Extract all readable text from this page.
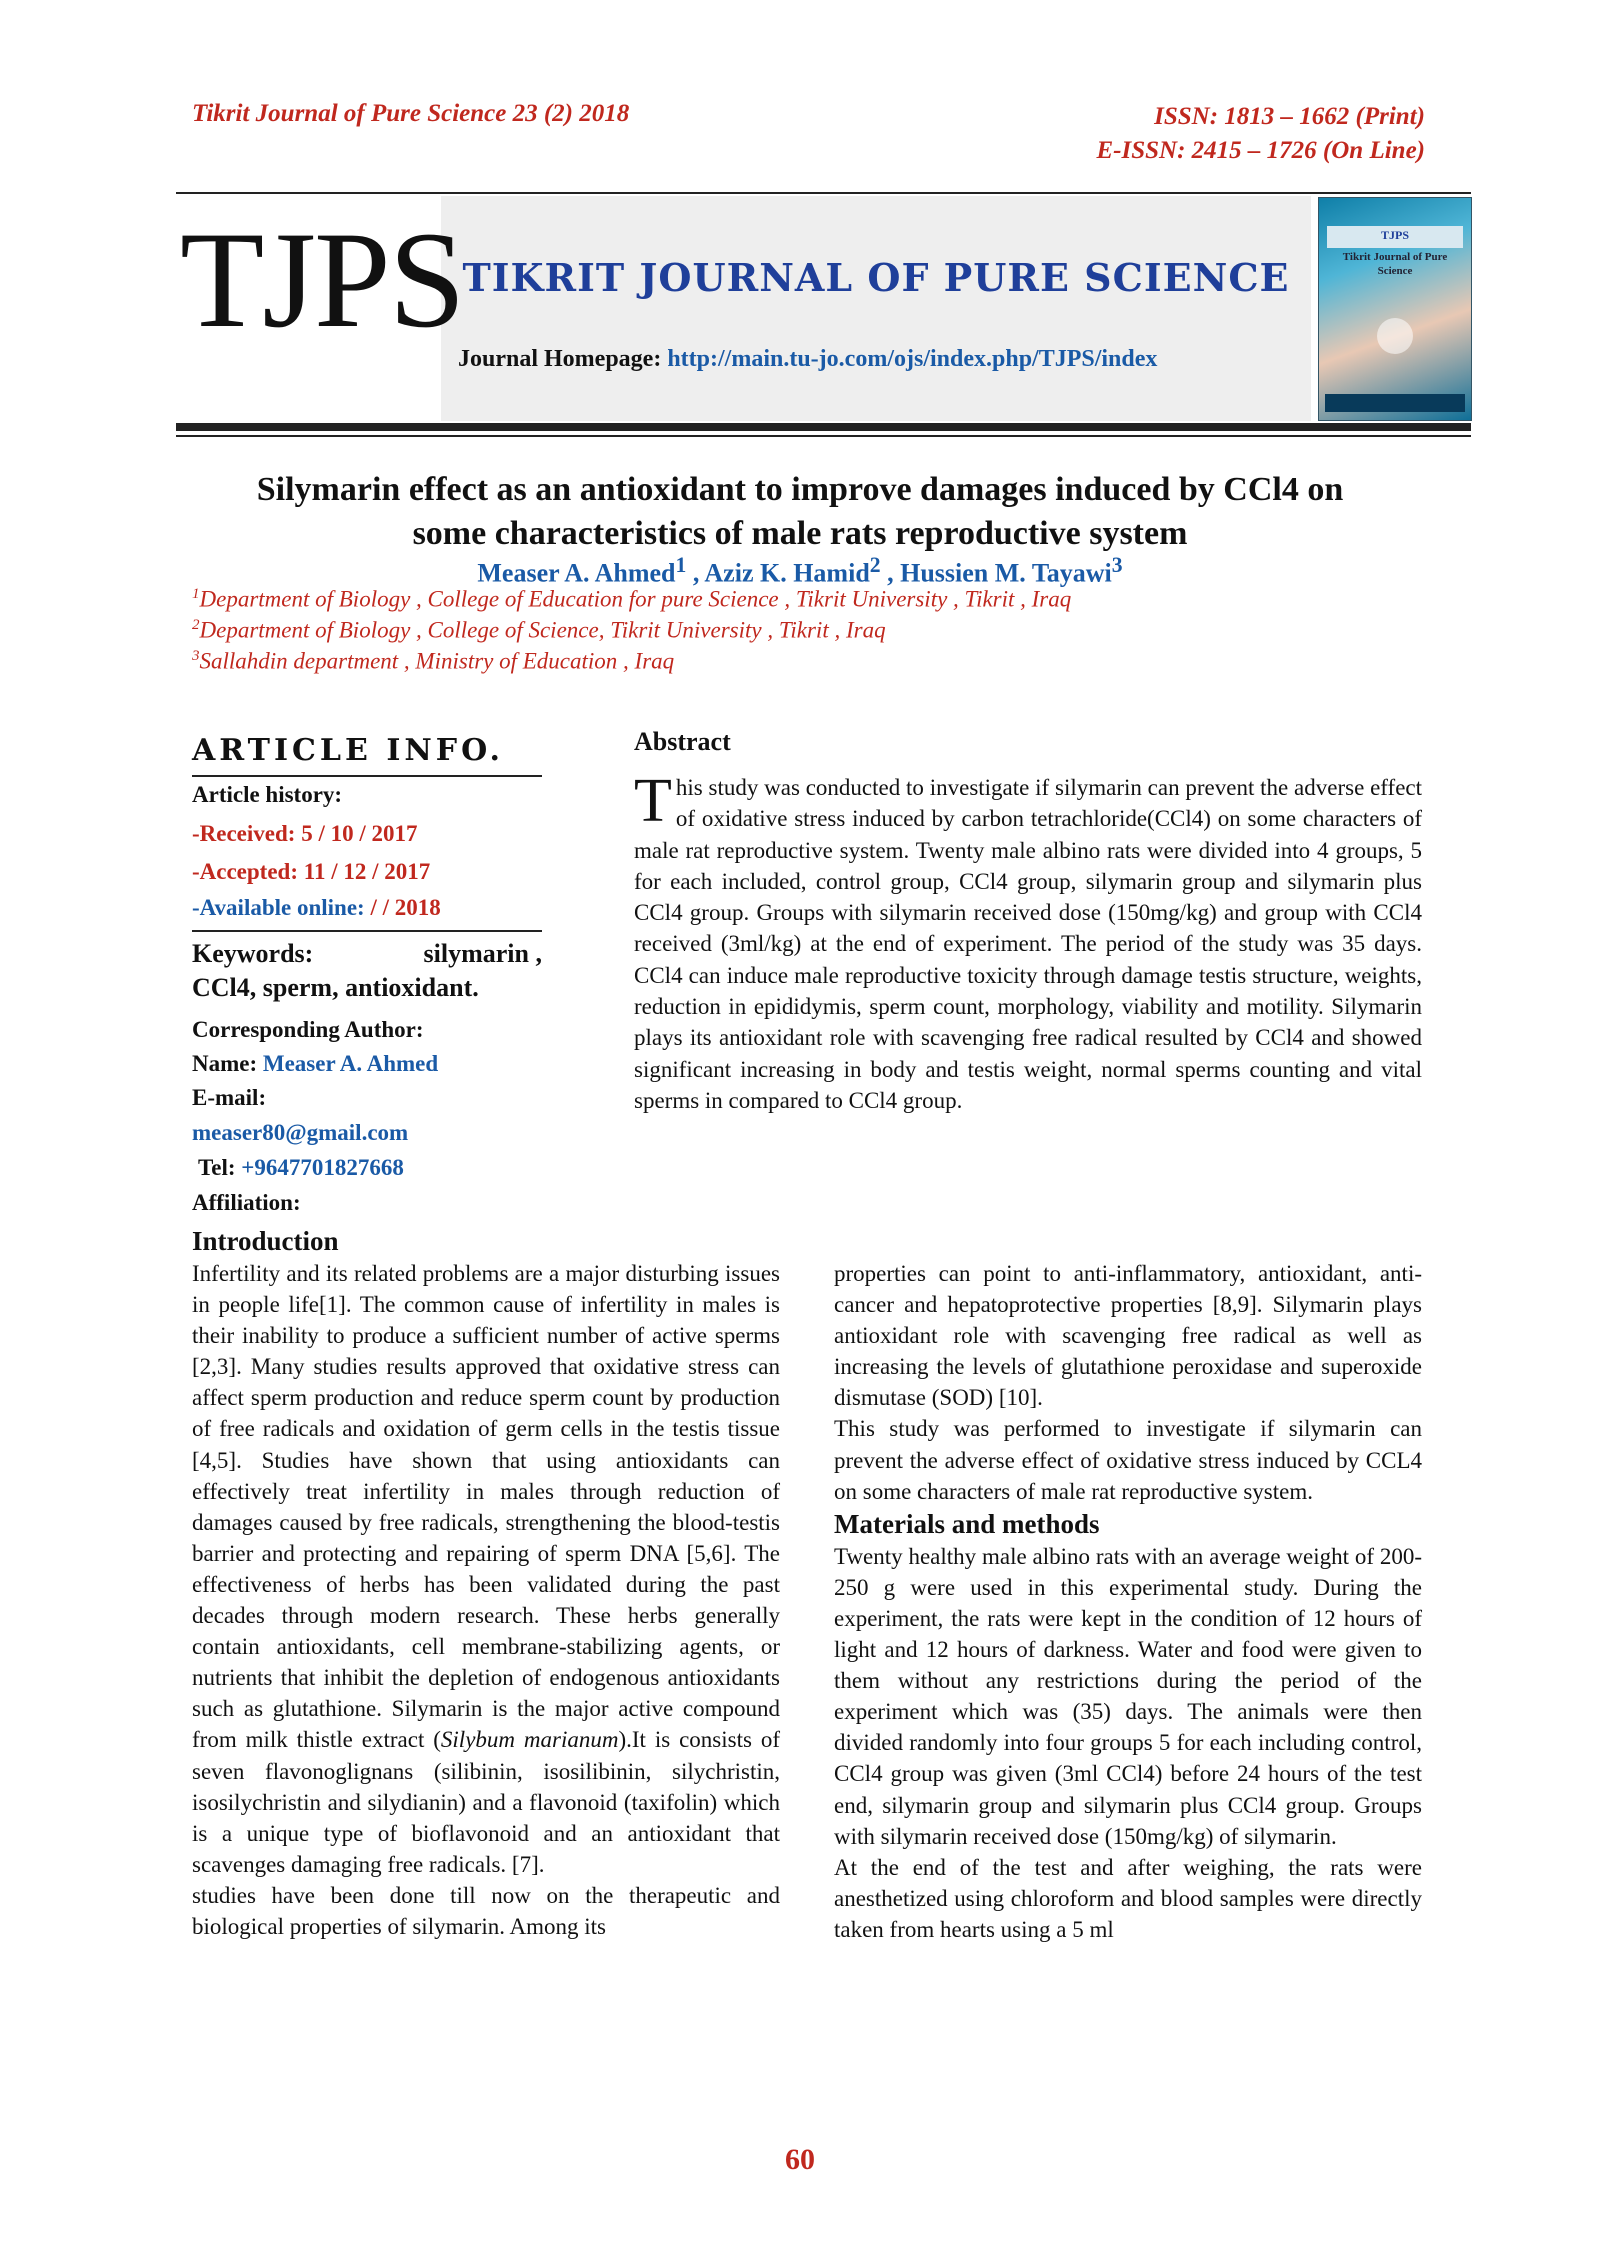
Tikrit Journal of Pure Science 23 (2) 2018	ISSN: 1813 – 1662 (Print)
E-ISSN: 2415 – 1726 (On Line)
TJPS
TIKRIT JOURNAL OF PURE SCIENCE
Journal Homepage: http://main.tu-jo.com/ojs/index.php/TJPS/index
TJPS
Tikrit Journal of Pure Science
Silymarin effect as an antioxidant to improve damages induced by CCl4 on
some characteristics of male rats reproductive system
Measer A. Ahmed$^1$ , Aziz K. Hamid$^2$ , Hussien M. Tayawi$^3$
$^1$Department of Biology , College of Education for pure Science , Tikrit University , Tikrit , Iraq
$^2$Department of Biology , College of Science, Tikrit University , Tikrit , Iraq
$^3$Sallahdin department , Ministry of Education , Iraq
ARTICLE INFO.
Article history:
-Received: 5 / 10 / 2017
-Accepted: 11 / 12 / 2017
-Available online: / / 2018
Keywords:	silymarin ,
CCl4, sperm, antioxidant.
Corresponding Author:
Name: Measer A. Ahmed
E-mail:
measer80@gmail.com
Tel: +9647701827668
Affiliation:
Abstract
This study was conducted to investigate if silymarin can prevent the adverse effect of oxidative stress induced by carbon tetrachloride(CCl4) on some characters of male rat reproductive system. Twenty male albino rats were divided into 4 groups, 5 for each included, control group, CCl4 group, silymarin group and silymarin plus CCl4 group. Groups with silymarin received dose (150mg/kg) and group with CCl4 received (3ml/kg) at the end of experiment. The period of the study was 35 days. CCl4 can induce male reproductive toxicity through damage testis structure, weights, reduction in epididymis, sperm count, morphology, viability and motility. Silymarin plays its antioxidant role with scavenging free radical resulted by CCl4 and showed significant increasing in body and testis weight, normal sperms counting and vital sperms in compared to CCl4 group.
Introduction

Infertility and its related problems are a major disturbing issues in people life[1]. The common cause of infertility in males is their inability to produce a sufficient number of active sperms [2,3]. Many studies results approved that oxidative stress can affect sperm production and reduce sperm count by production of free radicals and oxidation of germ cells in the testis tissue [4,5]. Studies have shown that using antioxidants can effectively treat infertility in males through reduction of damages caused by free radicals, strengthening the blood-testis barrier and protecting and repairing of sperm DNA [5,6]. The effectiveness of herbs has been validated during the past decades through modern research. These herbs generally contain antioxidants, cell membrane-stabilizing agents, or nutrients that inhibit the depletion of endogenous antioxidants such as glutathione. Silymarin is the major active compound from milk thistle extract (Silybum marianum).It is consists of seven flavonoglignans (silibinin, isosilibinin, silychristin, isosilychristin and silydianin) and a flavonoid (taxifolin) which is a unique type of bioflavonoid and an antioxidant that scavenges damaging free radicals. [7].

studies have been done till now on the therapeutic and biological properties of silymarin. Among its

properties can point to anti-inflammatory, antioxidant, anti-cancer and hepatoprotective properties [8,9]. Silymarin plays antioxidant role with scavenging free radical as well as increasing the levels of glutathione peroxidase and superoxide dismutase (SOD) [10].

This study was performed to investigate if silymarin can prevent the adverse effect of oxidative stress induced by CCL4 on some characters of male rat reproductive system.

Materials and methods

Twenty healthy male albino rats with an average weight of 200-250 g were used in this experimental study. During the experiment, the rats were kept in the condition of 12 hours of light and 12 hours of darkness. Water and food were given to them without any restrictions during the period of the experiment which was (35) days. The animals were then divided randomly into four groups 5 for each including control, CCl4 group was given (3ml CCl4) before 24 hours of the test end, silymarin group and silymarin plus CCl4 group. Groups with silymarin received dose (150mg/kg) of silymarin.

At the end of the test and after weighing, the rats were anesthetized using chloroform and blood samples were directly taken from hearts using a 5 ml

60
